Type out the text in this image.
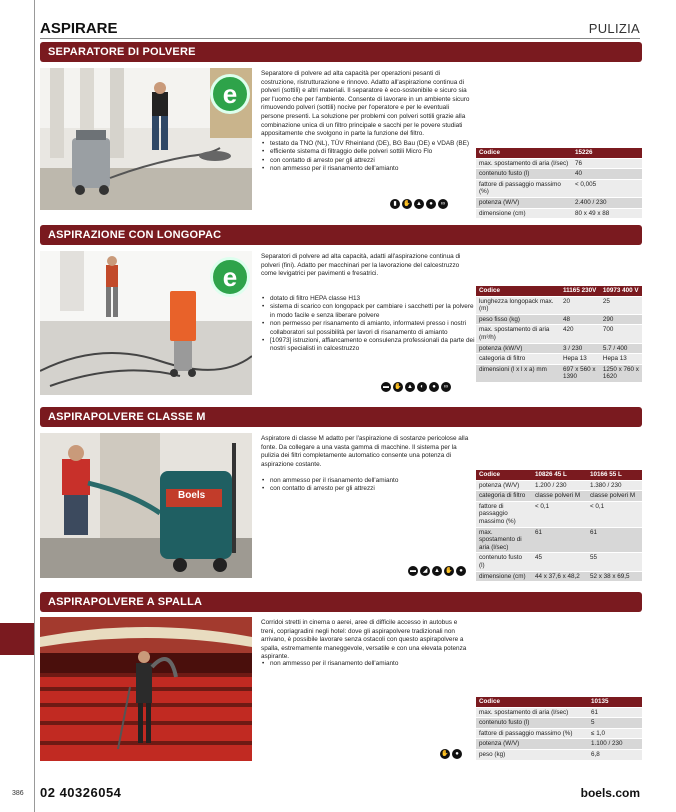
ASPIRARE	PULIZIA
SEPARATORE DI POLVERE
e
Separatore di polvere ad alta capacità per operazioni pesanti di costruzione, ristrutturazione e rinnovo. Adatto all'aspirazione continua di polveri (sottili) e altri materiali. Il separatore è eco-sostenibile e sicuro sia per l'uomo che per l'ambiente. Consente di lavorare in un ambiente sicuro rimuovendo polveri (sottili) nocive per l'operatore e per le eventuali persone presenti. La soluzione per problemi con polveri sottili grazie alla combinazione unica di un filtro principale e sacchi per le povere studiati appositamente che svolgono in parte la funzione del filtro.
• testato da TNO (NL), TÜV Rheinland (DE), BG Bau (DE) e VDAB (BE)
• efficiente sistema di filtraggio delle polveri sottili Micro Flo
• con contatto di arresto per gli attrezzi
• non ammesso per il risanamento dell'amianto
Codice	15226
max. spostamento di aria (l/sec)	76
contenuto fusto (l)	40
fattore di passaggio massimo (%)	< 0,005
potenza (W/V)	2.400 / 230
dimensione (cm)	80 x 49 x 88
▮	✋ ▲	●	∞
ASPIRAZIONE CON LONGOPAC
e
Separatori di polvere ad alta capacità, adatti all'aspirazione continua di polveri (fini). Adatto per macchinari per la lavorazione del calcestruzzo come levigatrici per pavimenti e fresatrici.
• dotato di filtro HEPA classe H13
• sistema di scarico con longopack per cambiare i sacchetti per la polvere in modo facile e senza liberare polvere
• non permesso per risanamento di amianto, informatevi presso i nostri collaboratori sul possibilità per lavori di risanamento di amianto
• [10973] istruzioni, affiancamento e consulenza professionali da parte dei nostri specialisti in calcestruzzo
Codice	11165 230V	10973 400 V
lunghezza longopack max. (m)	20	25
peso fisso (kg)	48	290
max. spostamento di aria (m³/h)	420	700
potenza (kW/V)	3 / 230	5.7 / 400
categoria di filtro	Hepa 13	Hepa 13
dimensioni (l x l x a) mm	697 x 560 x 1390	1250 x 760 x 1620
▬ ✋ ▲	◐	●	∞
ASPIRAPOLVERE CLASSE M
Boels
Aspiratore di classe M adatto per l'aspirazione di sostanze pericolose alla fonte. Da collegare a una vasta gamma di macchine. Il sistema per la pulizia dei filtri completamente automatico consente una potenza di aspirazione costante.
• non ammesso per il risanamento dell'amianto
• con contatto di arresto per gli attrezzi
Codice	10826 45 L	10166 55 L
potenza (W/V)	1.200 / 230	1.380 / 230
categoria di filtro	classe polveri M	classe polveri M
fattore di passaggio massimo (%)	< 0,1	< 0,1
max. spostamento di aria (l/sec)	61	61
contenuto fusto (l)	45	55
dimensione (cm)	44 x 37,6 x 48,2	52 x 38 x 69,5
▬	◢	▲ ✋	●
ASPIRAPOLVERE A SPALLA
Corridoi stretti in cinema o aerei, aree di difficile accesso in autobus e treni, copriagradini negli hotel: dove gli aspirapolvere tradizionali non arrivano, è possibile lavorare senza ostacoli con questo aspirapolvere a spalla, estremamente maneggevole, versatile e con una elevata potenza aspirante.
• non ammesso per il risanamento dell'amianto
Codice	10135
max. spostamento di aria (l/sec)	61
contenuto fusto (l)	5
fattore di passaggio massimo (%)	≤ 1,0
potenza (W/V)	1.100 / 230
peso (kg)	6,8
✋	●
386 02 40326054	boels.com
